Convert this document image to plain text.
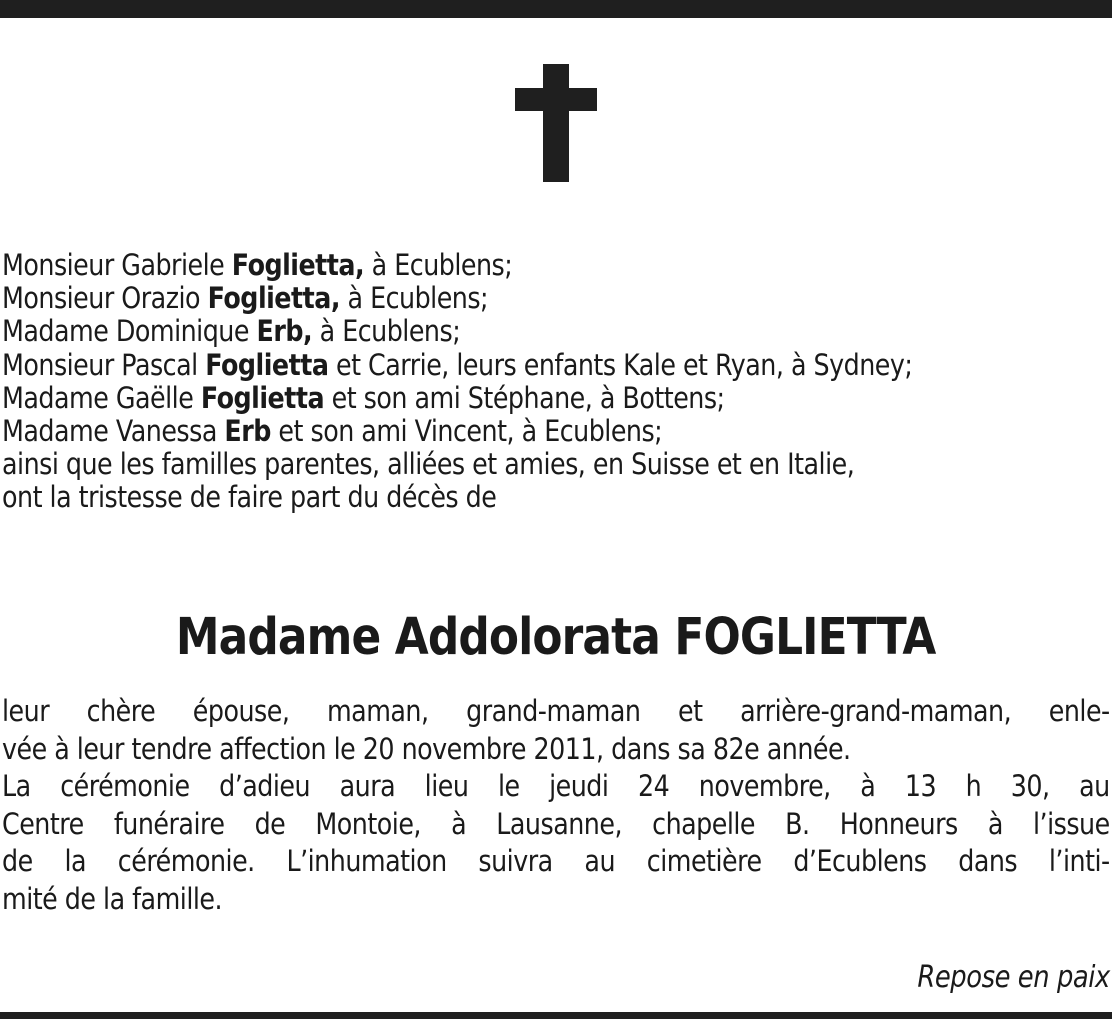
Monsieur Gabriele Foglietta, à Ecublens;
Monsieur Orazio Foglietta, à Ecublens;
Madame Dominique Erb, à Ecublens;
Monsieur Pascal Foglietta et Carrie, leurs enfants Kale et Ryan, à Sydney;
Madame Gaëlle Foglietta et son ami Stéphane, à Bottens;
Madame Vanessa Erb et son ami Vincent, à Ecublens;
ainsi que les familles parentes, alliées et amies, en Suisse et en Italie,
ont la tristesse de faire part du décès de
Madame Addolorata FOGLIETTA
leur chère épouse, maman, grand-maman et arrière-grand-maman, enle-
vée à leur tendre affection le 20 novembre 2011, dans sa 82e année.
La cérémonie d’adieu aura lieu le jeudi 24 novembre, à 13 h 30, au
Centre funéraire de Montoie, à Lausanne, chapelle B. Honneurs à l’issue
de la cérémonie. L’inhumation suivra au cimetière d’Ecublens dans l’inti-
mité de la famille.
Repose en paix
